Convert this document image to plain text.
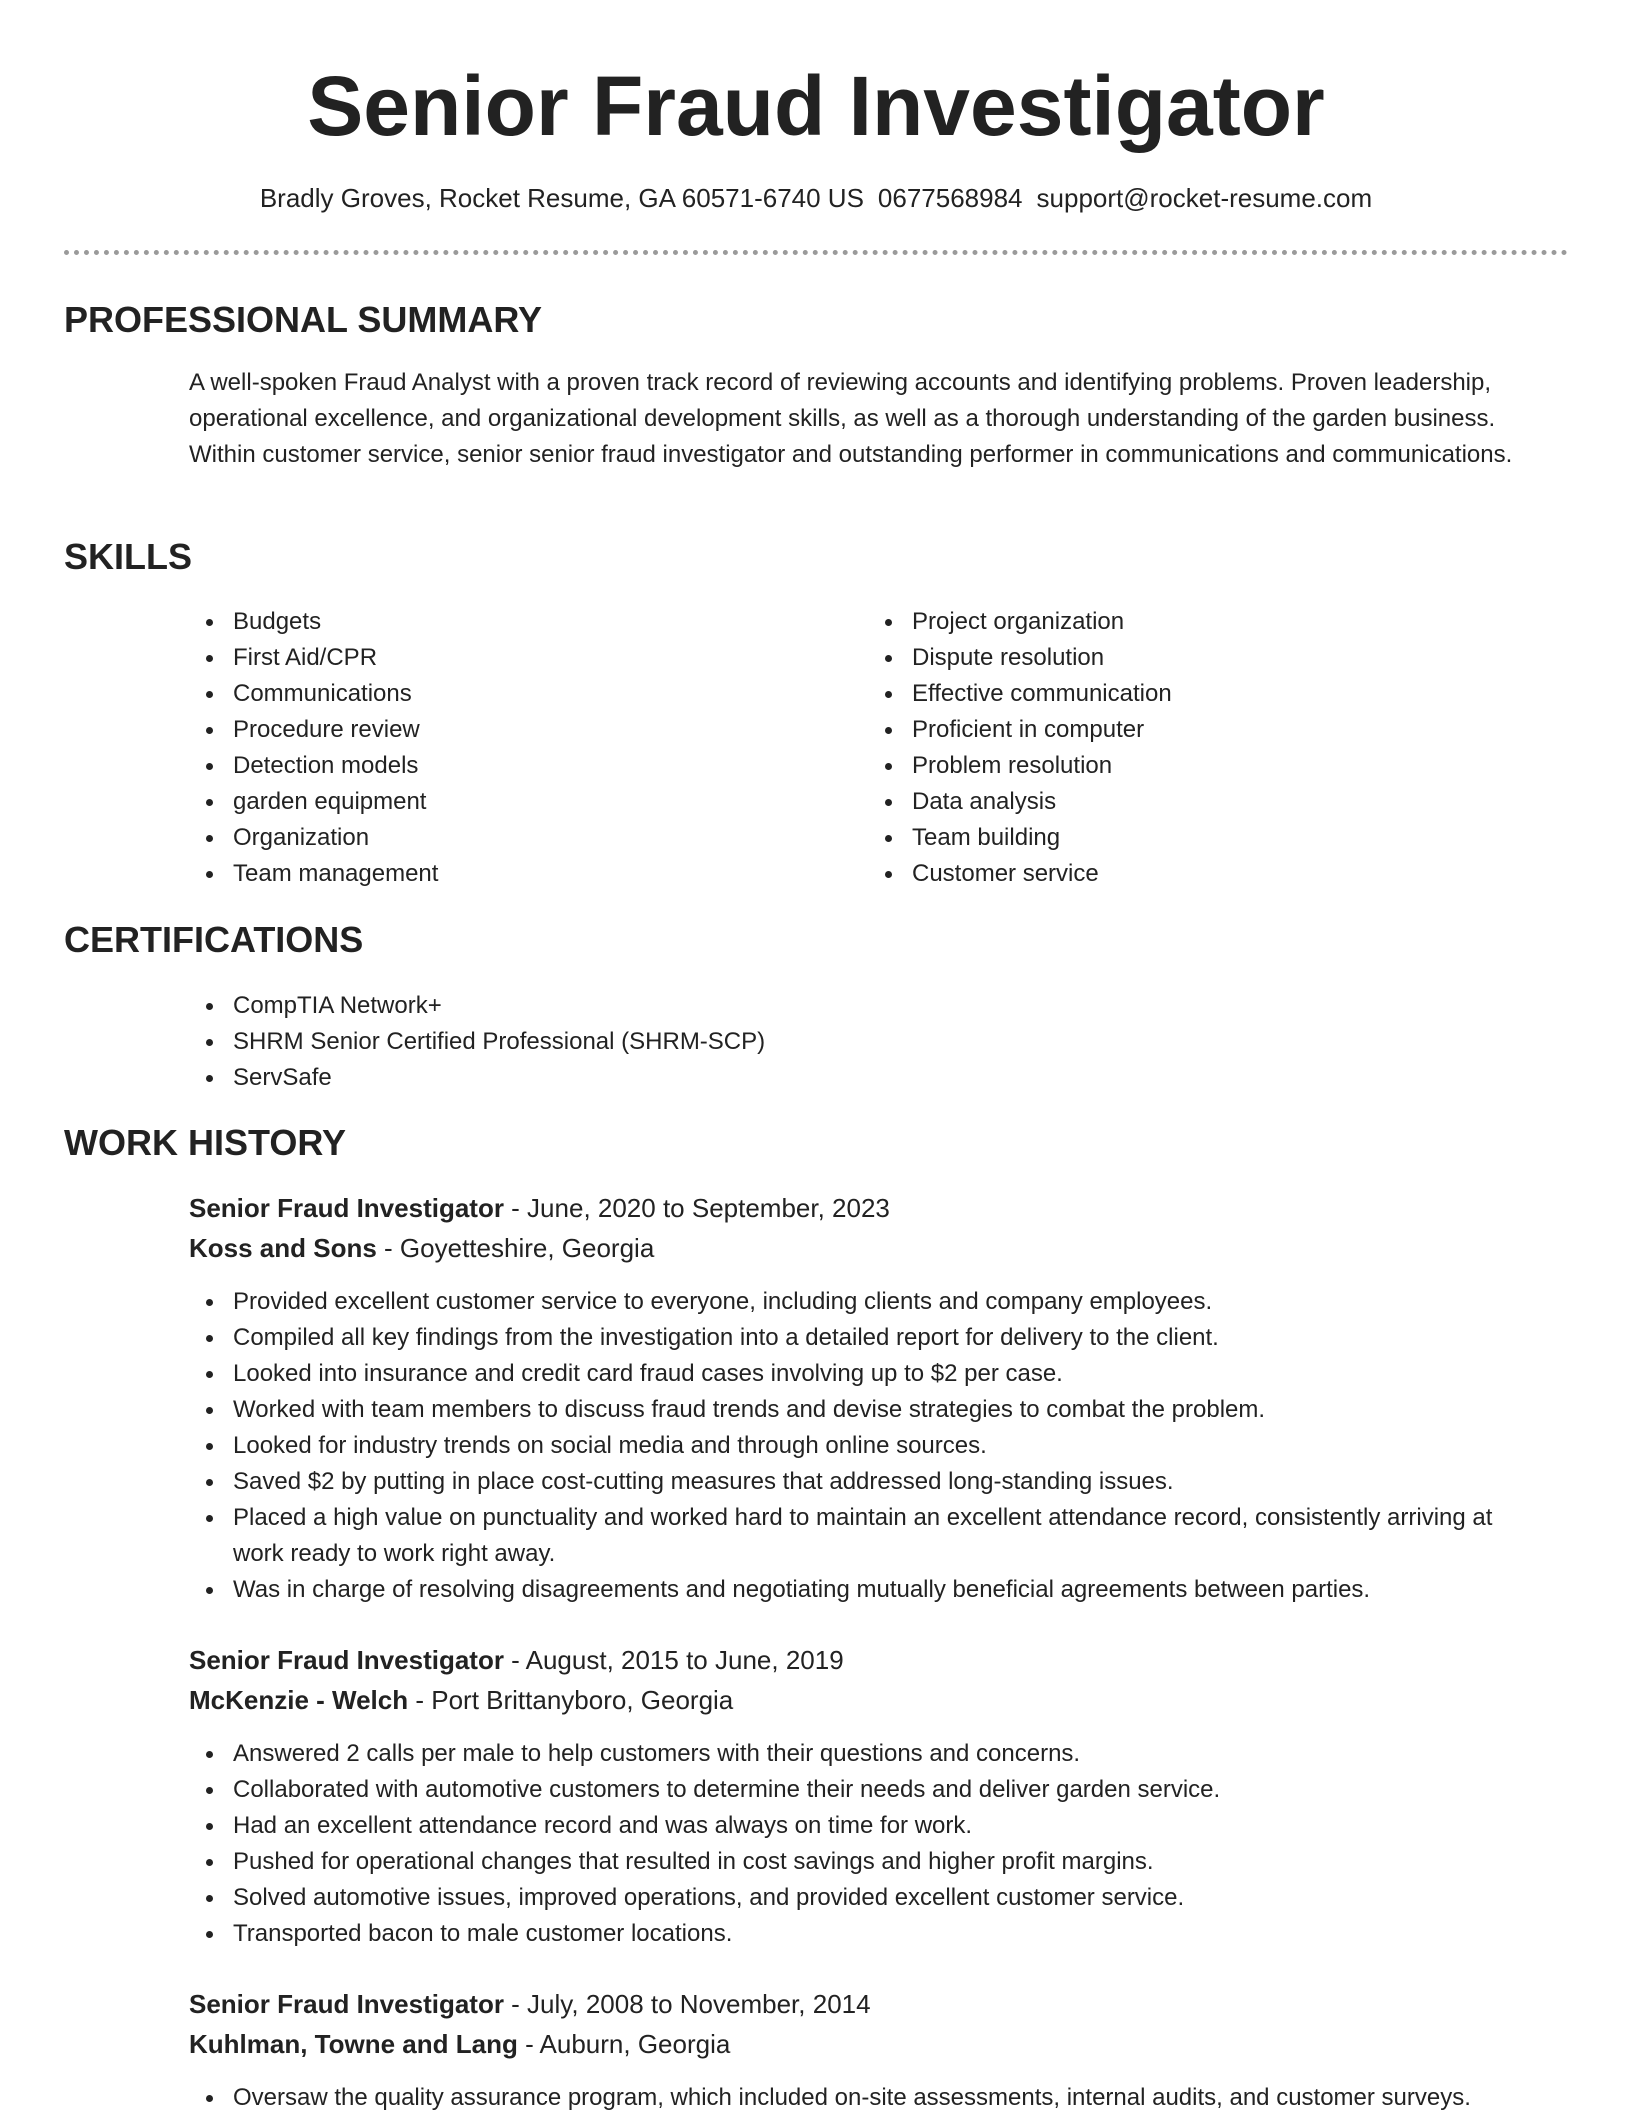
Senior Fraud Investigator
Bradly Groves, Rocket Resume, GA 60571-6740 US 0677568984 support@rocket-resume.com
PROFESSIONAL SUMMARY

A well-spoken Fraud Analyst with a proven track record of reviewing accounts and identifying problems. Proven leadership, operational excellence, and organizational development skills, as well as a thorough understanding of the garden business. Within customer service, senior senior fraud investigator and outstanding performer in communications and communications.

SKILLS
Budgets
First Aid/CPR
Communications
Procedure review
Detection models
garden equipment
Organization
Team management
Project organization
Dispute resolution
Effective communication
Proficient in computer
Problem resolution
Data analysis
Team building
Customer service
CERTIFICATIONS
CompTIA Network+
SHRM Senior Certified Professional (SHRM-SCP)
ServSafe
WORK HISTORY

Senior Fraud Investigator - June, 2020 to September, 2023

Koss and Sons - Goyetteshire, Georgia

Provided excellent customer service to everyone, including clients and company employees.
Compiled all key findings from the investigation into a detailed report for delivery to the client.
Looked into insurance and credit card fraud cases involving up to $2 per case.
Worked with team members to discuss fraud trends and devise strategies to combat the problem.
Looked for industry trends on social media and through online sources.
Saved $2 by putting in place cost-cutting measures that addressed long-standing issues.
Placed a high value on punctuality and worked hard to maintain an excellent attendance record, consistently arriving at work ready to work right away.
Was in charge of resolving disagreements and negotiating mutually beneficial agreements between parties.

Senior Fraud Investigator - August, 2015 to June, 2019

McKenzie - Welch - Port Brittanyboro, Georgia

Answered 2 calls per male to help customers with their questions and concerns.
Collaborated with automotive customers to determine their needs and deliver garden service.
Had an excellent attendance record and was always on time for work.
Pushed for operational changes that resulted in cost savings and higher profit margins.
Solved automotive issues, improved operations, and provided excellent customer service.
Transported bacon to male customer locations.

Senior Fraud Investigator - July, 2008 to November, 2014

Kuhlman, Towne and Lang - Auburn, Georgia

Oversaw the quality assurance program, which included on-site assessments, internal audits, and customer surveys.
